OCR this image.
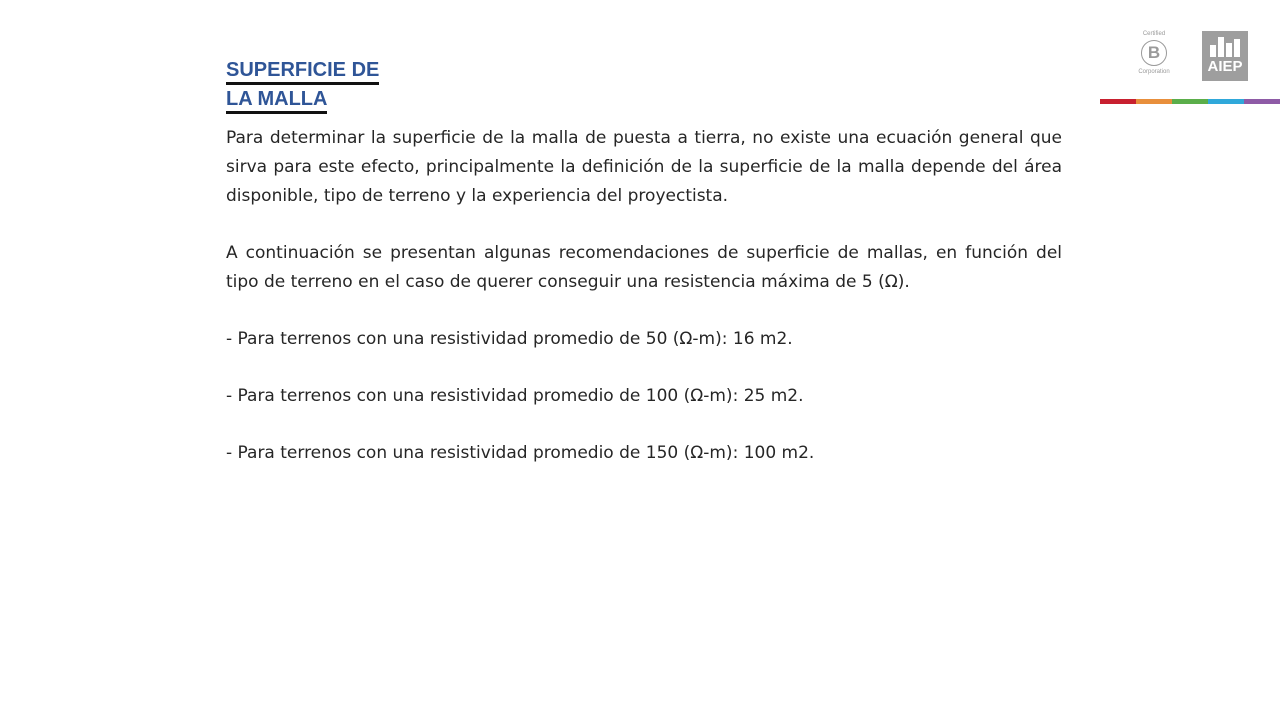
SUPERFICIE DE
LA MALLA
Certified
B
Corporation	AIEP

Para determinar la superficie de la malla de puesta a tierra, no existe una ecuación general que sirva para este efecto, principalmente la definición de la superficie de la malla depende del área disponible, tipo de terreno y la experiencia del proyectista.

A continuación se presentan algunas recomendaciones de superficie de mallas, en función del tipo de terreno en el caso de querer conseguir una resistencia máxima de 5 (Ω).

- Para terrenos con una resistividad promedio de 50 (Ω-m): 16 m2.

- Para terrenos con una resistividad promedio de 100 (Ω-m): 25 m2.

- Para terrenos con una resistividad promedio de 150 (Ω-m): 100 m2.
